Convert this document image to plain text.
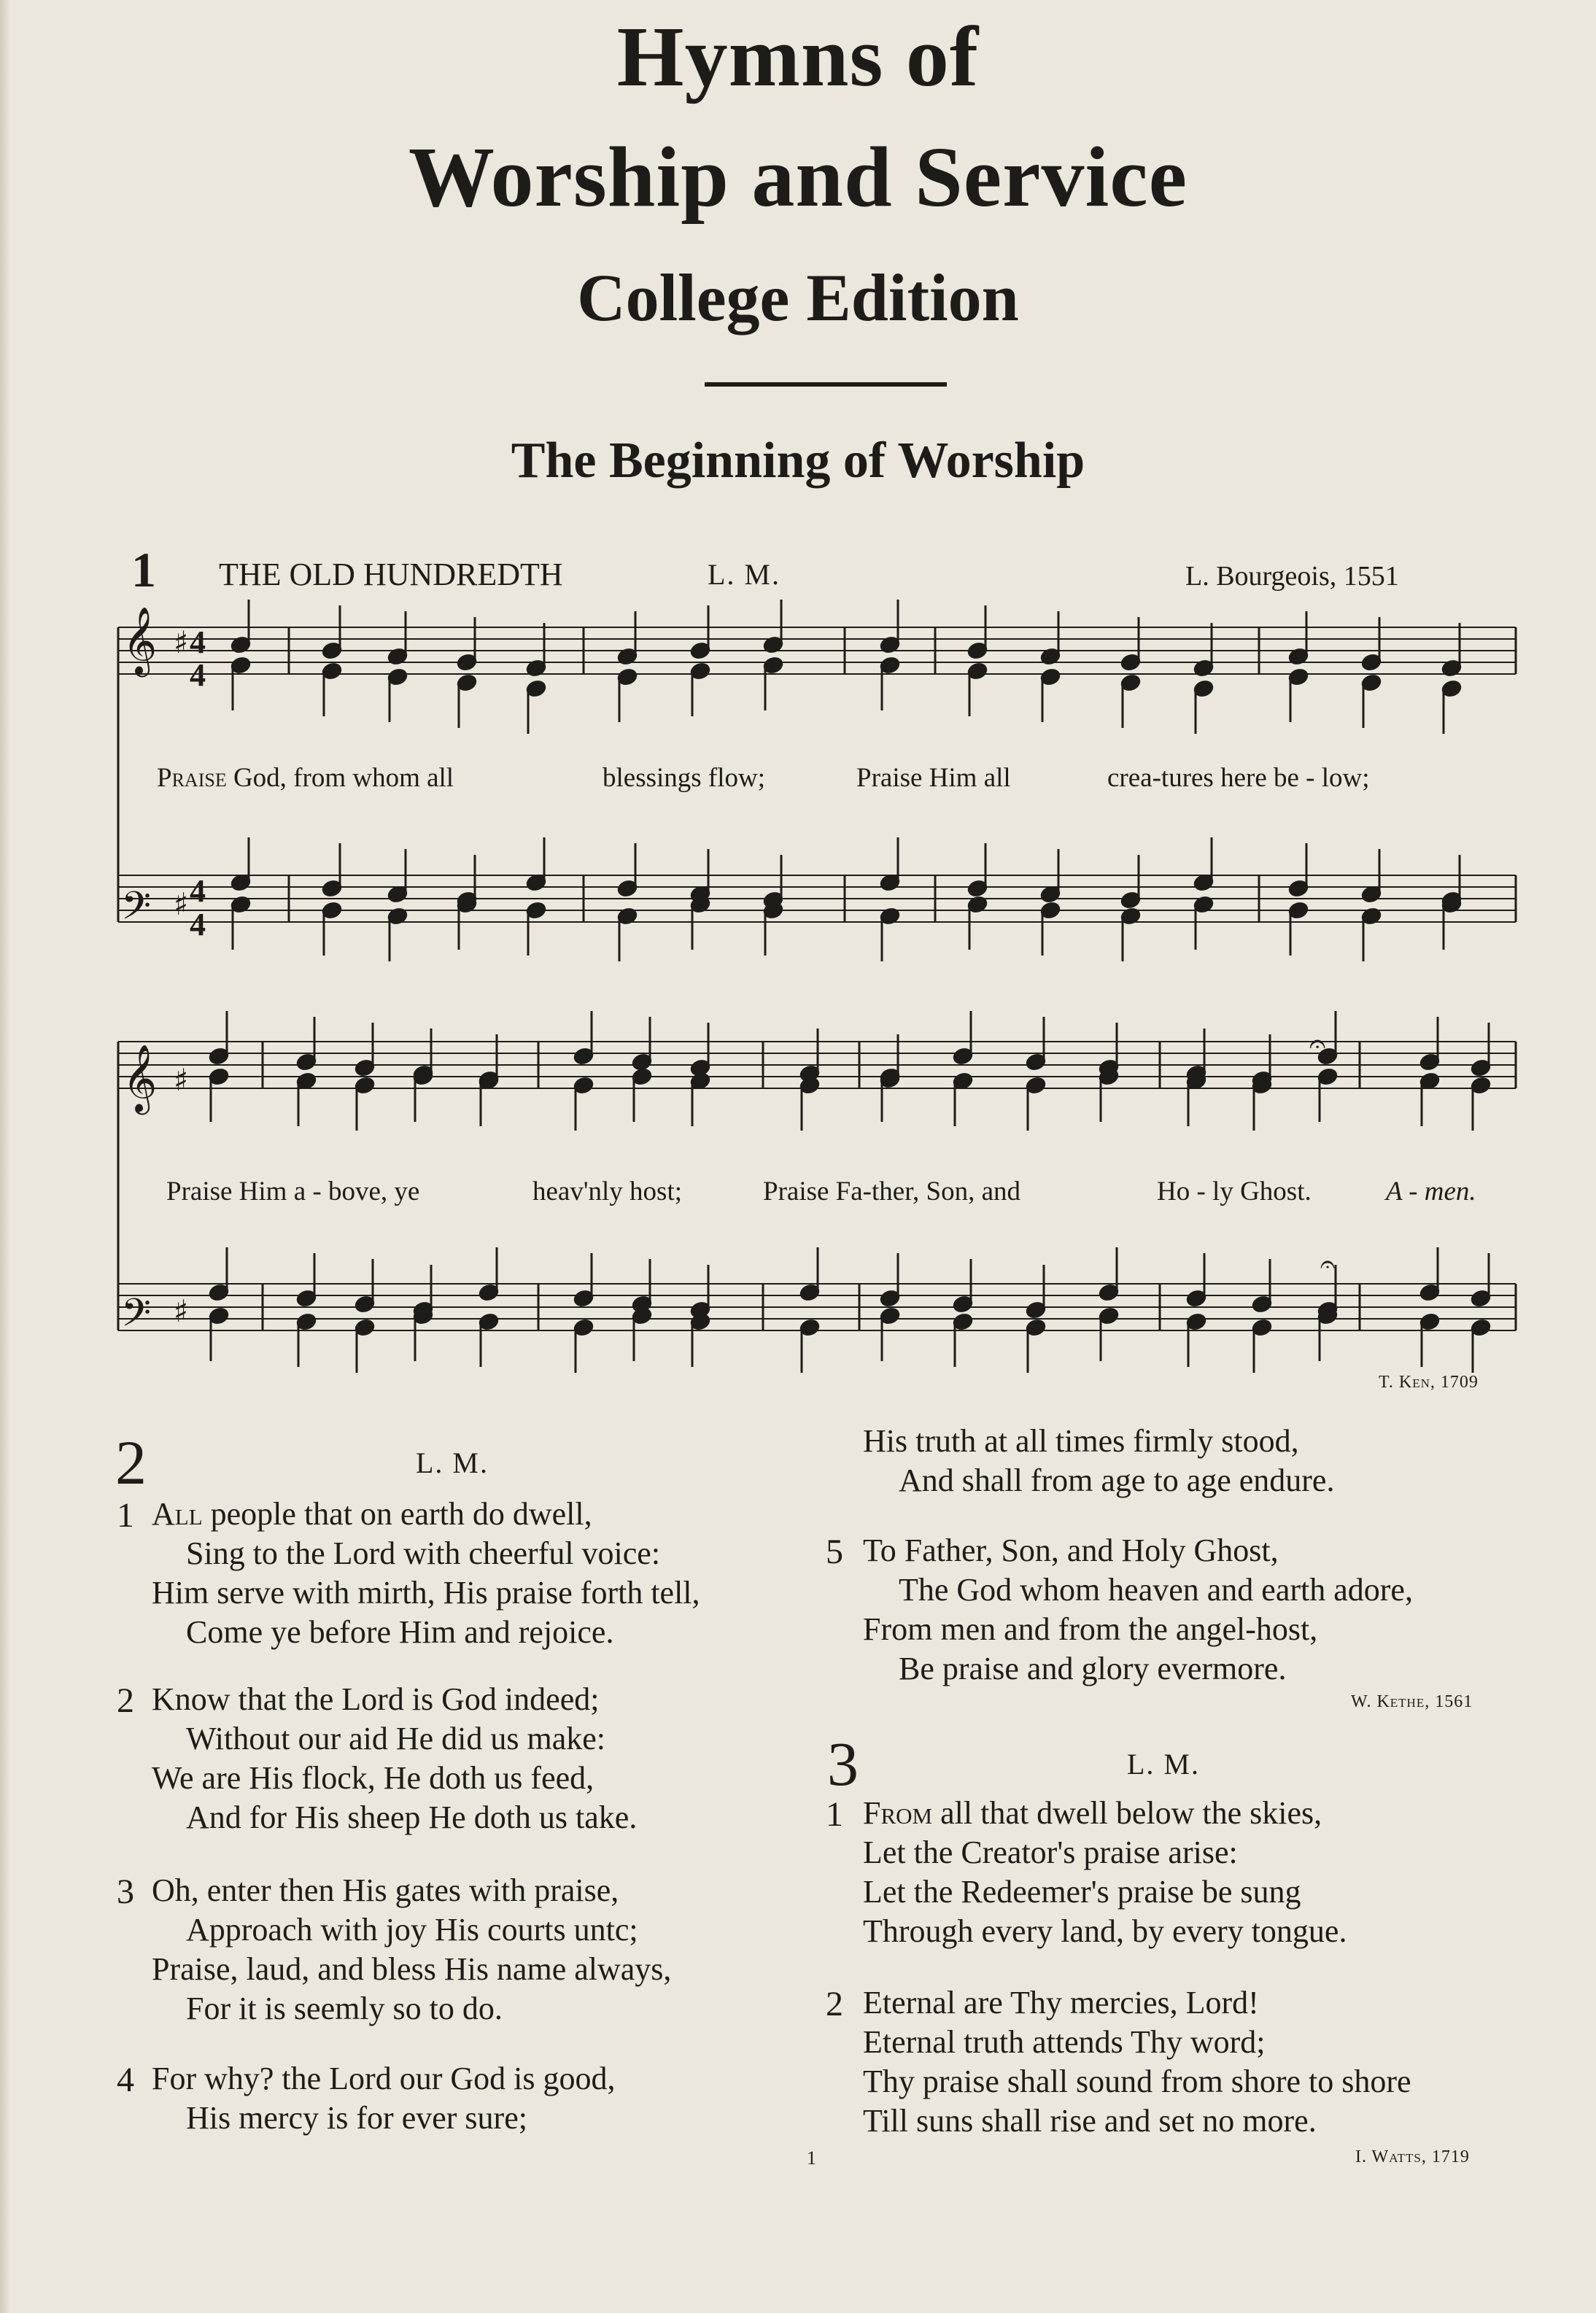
Hymns of
Worship and Service
College Edition
The Beginning of Worship
1 THE OLD HUNDREDTH	L. M.	L. Bourgeois, 1551
𝄞
𝄞
𝄢
𝄢
♯
♯
♯
♯
4
4
4
4
𝄐
𝄐
Praise God, from whom all	blessings flow;	Praise Him all	crea-tures here be - low;
Praise Him a - bove, ye	heav'nly host;	Praise Fa-ther, Son, and	Ho - ly Ghost.	A - men.
T. Ken, 1709
2	L. M.
1 All people that on earth do dwell,
Sing to the Lord with cheerful voice:
Him serve with mirth, His praise forth tell,
Come ye before Him and rejoice.
2 Know that the Lord is God indeed;
Without our aid He did us make:
We are His flock, He doth us feed,
And for His sheep He doth us take.
3 Oh, enter then His gates with praise,
Approach with joy His courts untc;
Praise, laud, and bless His name always,
For it is seemly so to do.
4 For why? the Lord our God is good,
His mercy is for ever sure;
His truth at all times firmly stood,
And shall from age to age endure.
5 To Father, Son, and Holy Ghost,
The God whom heaven and earth adore,
From men and from the angel-host,
Be praise and glory evermore.
W. Kethe, 1561
3	L. M.
1 From all that dwell below the skies,
Let the Creator's praise arise:
Let the Redeemer's praise be sung
Through every land, by every tongue.
2 Eternal are Thy mercies, Lord!
Eternal truth attends Thy word;
Thy praise shall sound from shore to shore
Till suns shall rise and set no more.
I. Watts, 1719
1
